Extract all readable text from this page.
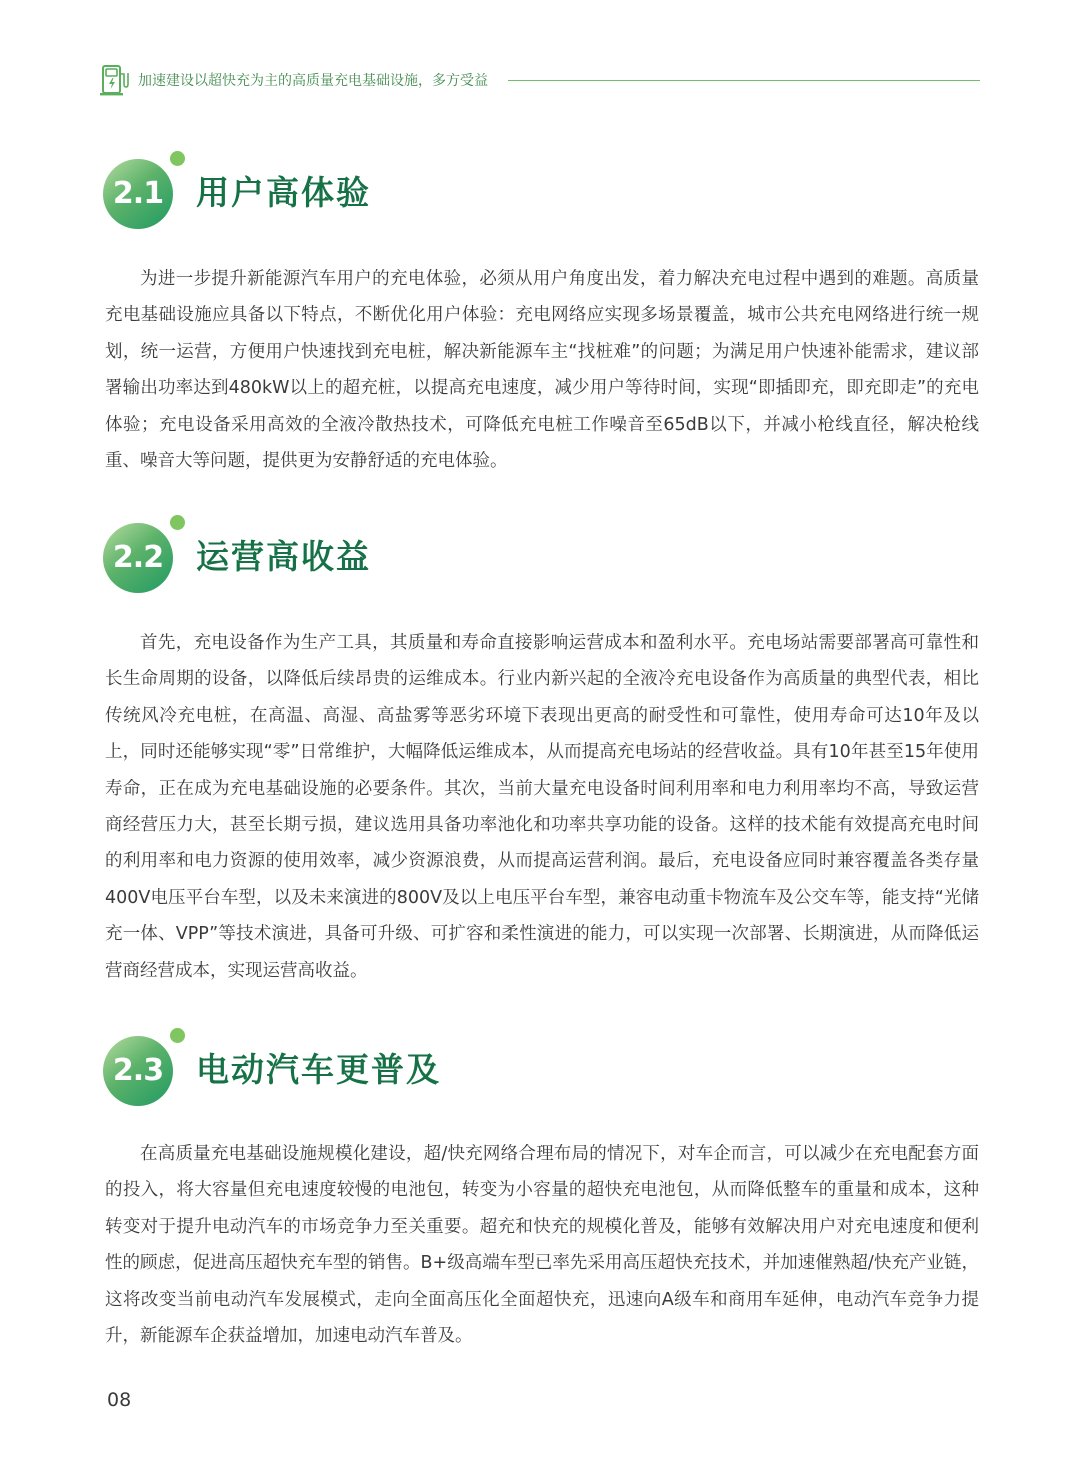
加速建设以超快充为主的高质量充电基础设施，多方受益
2.1 用户高体验

为进一步提升新能源汽车用户的充电体验，必须从用户角度出发，着力解决充电过程中遇到的难题。高质量充电基础设施应具备以下特点，不断优化用户体验：充电网络应实现多场景覆盖，城市公共充电网络进行统一规划，统一运营，方便用户快速找到充电桩，解决新能源车主“找桩难”的问题；为满足用户快速补能需求，建议部署输出功率达到480kW以上的超充桩，以提高充电速度，减少用户等待时间，实现“即插即充，即充即走”的充电体验；充电设备采用高效的全液冷散热技术，可降低充电桩工作噪音至65dB以下，并减小枪线直径，解决枪线重、噪音大等问题，提供更为安静舒适的充电体验。

2.2 运营高收益

首先，充电设备作为生产工具，其质量和寿命直接影响运营成本和盈利水平。充电场站需要部署高可靠性和长生命周期的设备，以降低后续昂贵的运维成本。行业内新兴起的全液冷充电设备作为高质量的典型代表，相比传统风冷充电桩，在高温、高湿、高盐雾等恶劣环境下表现出更高的耐受性和可靠性，使用寿命可达10年及以上，同时还能够实现“零”日常维护，大幅降低运维成本，从而提高充电场站的经营收益。具有10年甚至15年使用寿命，正在成为充电基础设施的必要条件。其次，当前大量充电设备时间利用率和电力利用率均不高，导致运营商经营压力大，甚至长期亏损，建议选用具备功率池化和功率共享功能的设备。这样的技术能有效提高充电时间的利用率和电力资源的使用效率，减少资源浪费，从而提高运营利润。最后，充电设备应同时兼容覆盖各类存量400V电压平台车型，以及未来演进的800V及以上电压平台车型，兼容电动重卡物流车及公交车等，能支持“光储充一体、VPP”等技术演进，具备可升级、可扩容和柔性演进的能力，可以实现一次部署、长期演进，从而降低运营商经营成本，实现运营高收益。

2.3 电动汽车更普及

在高质量充电基础设施规模化建设，超/快充网络合理布局的情况下，对车企而言，可以减少在充电配套方面的投入，将大容量但充电速度较慢的电池包，转变为小容量的超快充电池包，从而降低整车的重量和成本，这种转变对于提升电动汽车的市场竞争力至关重要。超充和快充的规模化普及，能够有效解决用户对充电速度和便利性的顾虑，促进高压超快充车型的销售。B+级高端车型已率先采用高压超快充技术，并加速催熟超/快充产业链，这将改变当前电动汽车发展模式，走向全面高压化全面超快充，迅速向A级车和商用车延伸，电动汽车竞争力提升，新能源车企获益增加，加速电动汽车普及。

08
